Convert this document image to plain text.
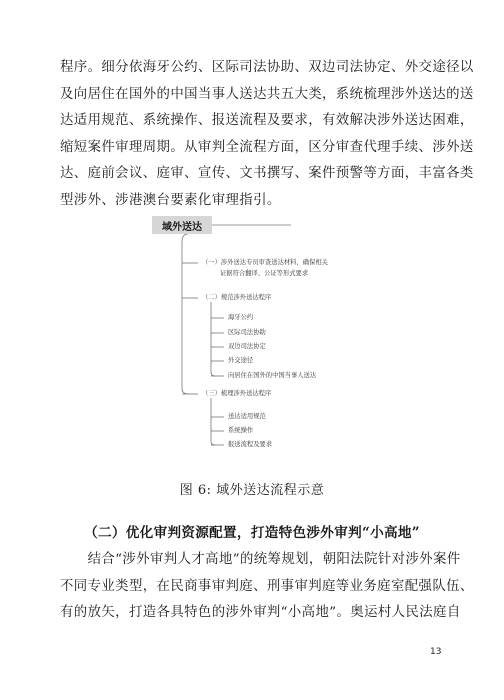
程序。细分依海牙公约、区际司法协助、双边司法协定、外交途径以
及向居住在国外的中国当事人送达共五大类，系统梳理涉外送达的送
达适用规范、系统操作、报送流程及要求，有效解决涉外送达困难，
缩短案件审理周期。从审判全流程方面，区分审查代理手续、涉外送
达、庭前会议、庭审、宣传、文书撰写、案件预警等方面，丰富各类
型涉外、涉港澳台要素化审理指引。
域外送达
（一）涉外送达专员审查送达材料，确保相关
证据符合翻译、公证等形式要求
（二）规范涉外送达程序
海牙公约
区际司法协助
双边司法协定
外交途径
向居住在国外的中国当事人送达
（三）梳理涉外送达程序
送达适用规范
系统操作
报送流程及要求
图 6: 域外送达流程示意
（二）优化审判资源配置，打造特色涉外审判“小高地”
　　结合“涉外审判人才高地”的统筹规划，朝阳法院针对涉外案件
不同专业类型，在民商事审判庭、刑事审判庭等业务庭室配强队伍、
有的放矢，打造各具特色的涉外审判“小高地”。奥运村人民法庭自
13
